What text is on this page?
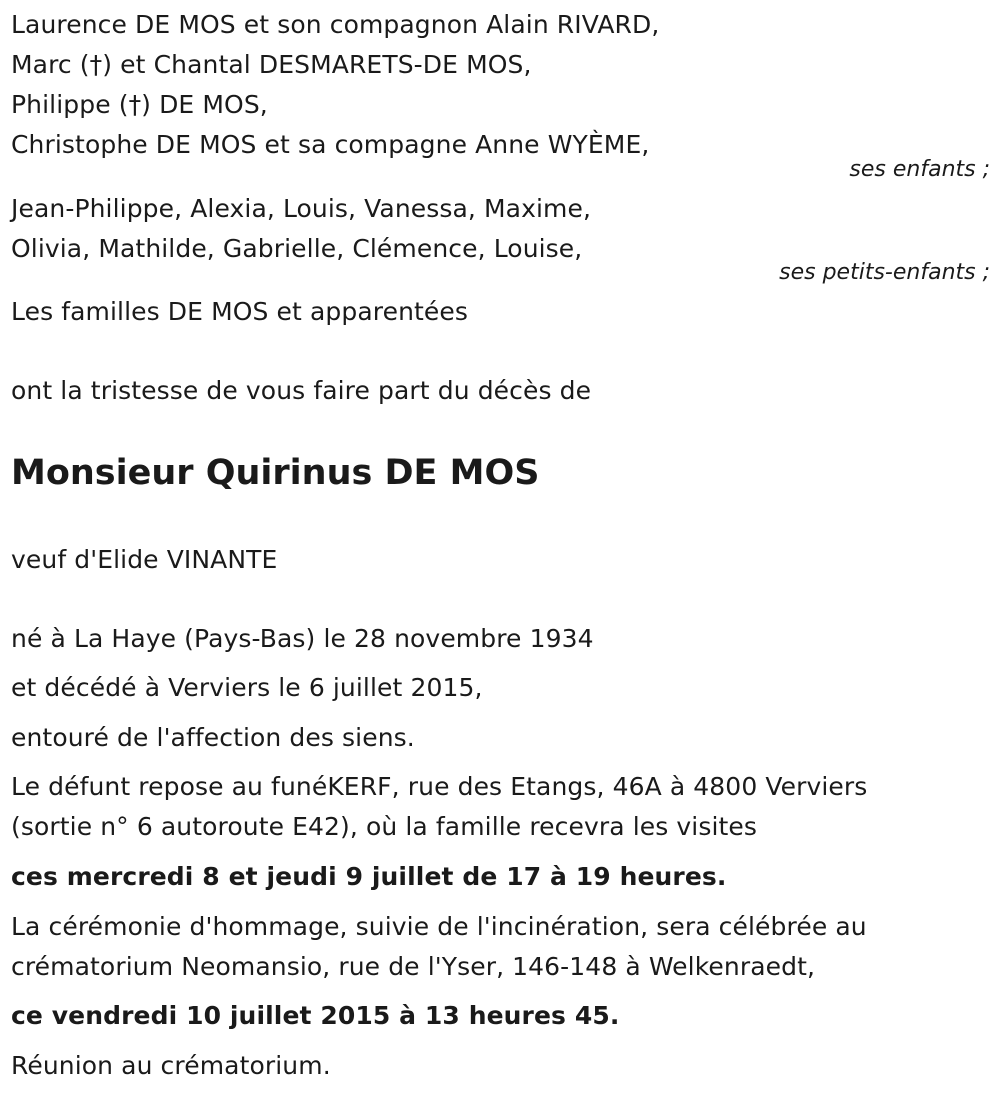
Laurence DE MOS et son compagnon Alain RIVARD,

Marc (†) et Chantal DESMARETS-DE MOS,

Philippe (†) DE MOS,

Christophe DE MOS et sa compagne Anne WYÈME,

ses enfants ;

Jean-Philippe, Alexia, Louis, Vanessa, Maxime,

Olivia, Mathilde, Gabrielle, Clémence, Louise,

ses petits-enfants ;

Les familles DE MOS et apparentées

ont la tristesse de vous faire part du décès de

Monsieur Quirinus DE MOS

veuf d'Elide VINANTE

né à La Haye (Pays-Bas) le 28 novembre 1934

et décédé à Verviers le 6 juillet 2015,

entouré de l'affection des siens.

Le défunt repose au funéKERF, rue des Etangs, 46A à 4800 Verviers

(sortie n° 6 autoroute E42), où la famille recevra les visites

ces mercredi 8 et jeudi 9 juillet de 17 à 19 heures.

La cérémonie d'hommage, suivie de l'incinération, sera célébrée au

crématorium Neomansio, rue de l'Yser, 146-148 à Welkenraedt,

ce vendredi 10 juillet 2015 à 13 heures 45.

Réunion au crématorium.
